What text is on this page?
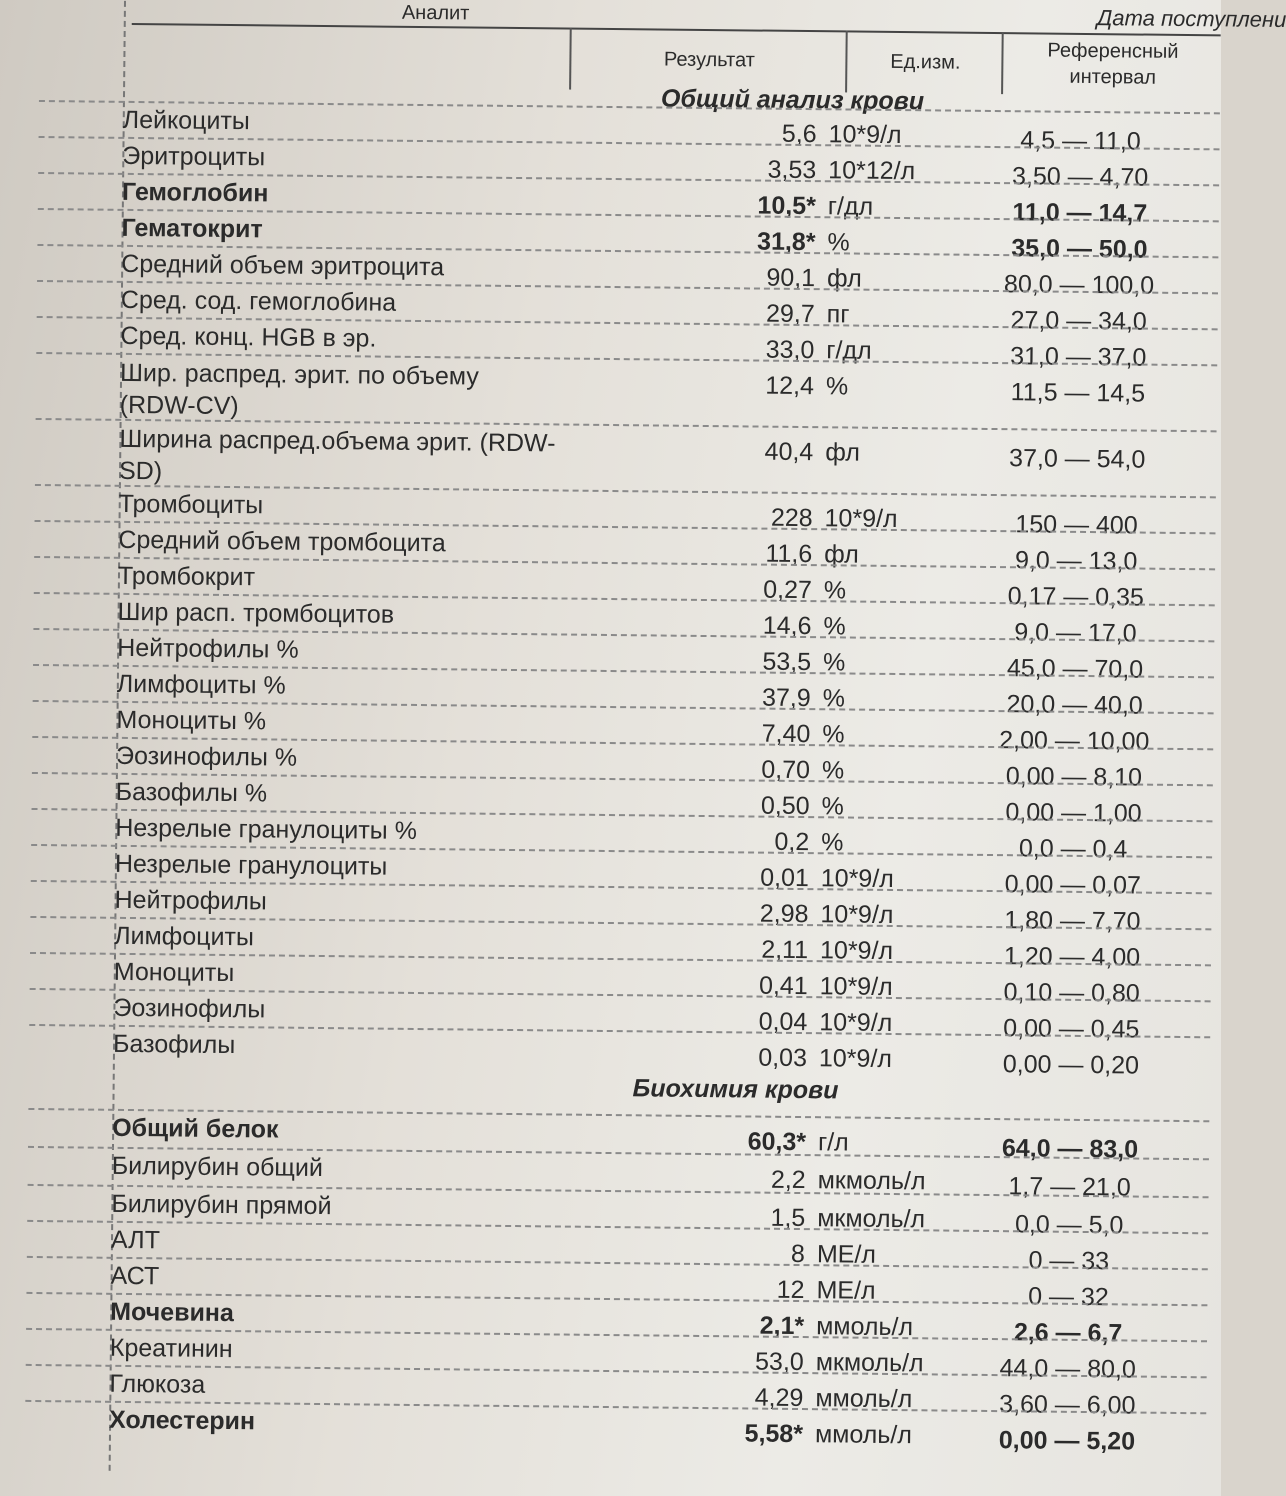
Аналит	Дата поступлени
Результат	Ед.изм.	Референсный
интервал
Общий анализ крови
Лейкоциты	5,6 10*9/л	4,5 — 11,0
Эритроциты	3,53 10*12/л	3,50 — 4,70
Гемоглобин	10,5* г/дл	11,0 — 14,7
Гематокрит	31,8* %	35,0 — 50,0
Средний объем эритроцита	90,1 фл	80,0 — 100,0
Сред. сод. гемоглобина	29,7 пг	27,0 — 34,0
Сред. конц. HGB в эр.	33,0 г/дл	31,0 — 37,0
Шир. распред. эрит. по объему (RDW-CV)
12,4 %	11,5 — 14,5
Ширина распред.объема эрит. (RDW-SD)
40,4 фл	37,0 — 54,0
Тромбоциты	228 10*9/л	150 — 400
Средний объем тромбоцита	11,6 фл	9,0 — 13,0
Тромбокрит	0,27 %	0,17 — 0,35
Шир расп. тромбоцитов	14,6 %	9,0 — 17,0
Нейтрофилы %	53,5 %	45,0 — 70,0
Лимфоциты %	37,9 %	20,0 — 40,0
Моноциты %	7,40 %	2,00 — 10,00
Эозинофилы %	0,70 %	0,00 — 8,10
Базофилы %	0,50 %	0,00 — 1,00
Незрелые гранулоциты %	0,2 %	0,0 — 0,4
Незрелые гранулоциты	0,01 10*9/л	0,00 — 0,07
Нейтрофилы	2,98 10*9/л	1,80 — 7,70
Лимфоциты	2,11 10*9/л	1,20 — 4,00
Моноциты	0,41 10*9/л	0,10 — 0,80
Эозинофилы	0,04 10*9/л	0,00 — 0,45
Базофилы	0,03 10*9/л	0,00 — 0,20
Биохимия крови
Общий белок	60,3* г/л	64,0 — 83,0
Билирубин общий	2,2 мкмоль/л	1,7 — 21,0
Билирубин прямой	1,5 мкмоль/л	0,0 — 5,0
АЛТ	8 МЕ/л	0 — 33
АСТ	12 МЕ/л	0 — 32
Мочевина	2,1* ммоль/л	2,6 — 6,7
Креатинин	53,0 мкмоль/л	44,0 — 80,0
Глюкоза	4,29 ммоль/л	3,60 — 6,00
Холестерин	5,58* ммоль/л	0,00 — 5,20
